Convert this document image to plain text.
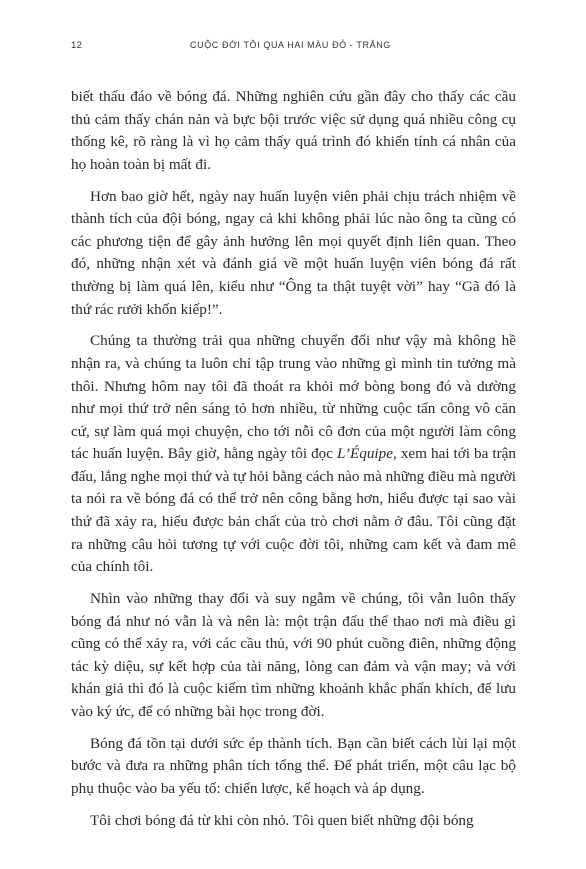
12	CUỘC ĐỜI TÔI QUA HAI MÀU ĐỎ - TRẮNG

biết thấu đáo về bóng đá. Những nghiên cứu gần đây cho thấy các cầu thủ cảm thấy chán nản và bực bội trước việc sử dụng quá nhiều công cụ thống kê, rõ ràng là vì họ cảm thấy quá trình đó khiến tính cá nhân của họ hoàn toàn bị mất đi.

Hơn bao giờ hết, ngày nay huấn luyện viên phải chịu trách nhiệm về thành tích của đội bóng, ngay cả khi không phải lúc nào ông ta cũng có các phương tiện để gây ảnh hưởng lên mọi quyết định liên quan. Theo đó, những nhận xét và đánh giá về một huấn luyện viên bóng đá rất thường bị làm quá lên, kiểu như “Ông ta thật tuyệt vời” hay “Gã đó là thứ rác rưởi khốn kiếp!”.

Chúng ta thường trải qua những chuyển đổi như vậy mà không hề nhận ra, và chúng ta luôn chỉ tập trung vào những gì mình tin tưởng mà thôi. Nhưng hôm nay tôi đã thoát ra khỏi mớ bòng bong đó và dường như mọi thứ trở nên sáng tỏ hơn nhiều, từ những cuộc tấn công vô căn cứ, sự làm quá mọi chuyện, cho tới nỗi cô đơn của một người làm công tác huấn luyện. Bây giờ, hằng ngày tôi đọc L’Équipe, xem hai tới ba trận đấu, lắng nghe mọi thứ và tự hỏi bằng cách nào mà những điều mà người ta nói ra về bóng đá có thể trở nên công bằng hơn, hiểu được tại sao vài thứ đã xảy ra, hiểu được bản chất của trò chơi nằm ở đâu. Tôi cũng đặt ra những câu hỏi tương tự với cuộc đời tôi, những cam kết và đam mê của chính tôi.

Nhìn vào những thay đổi và suy ngẫm về chúng, tôi vẫn luôn thấy bóng đá như nó vẫn là và nên là: một trận đấu thể thao nơi mà điều gì cũng có thể xảy ra, với các cầu thủ, với 90 phút cuồng điên, những động tác kỳ diệu, sự kết hợp của tài năng, lòng can đảm và vận may; và với khán giả thì đó là cuộc kiếm tìm những khoảnh khắc phấn khích, để lưu vào ký ức, để có những bài học trong đời.

Bóng đá tồn tại dưới sức ép thành tích. Bạn cần biết cách lùi lại một bước và đưa ra những phân tích tổng thể. Để phát triển, một câu lạc bộ phụ thuộc vào ba yếu tố: chiến lược, kế hoạch và áp dụng.

Tôi chơi bóng đá từ khi còn nhỏ. Tôi quen biết những đội bóng
